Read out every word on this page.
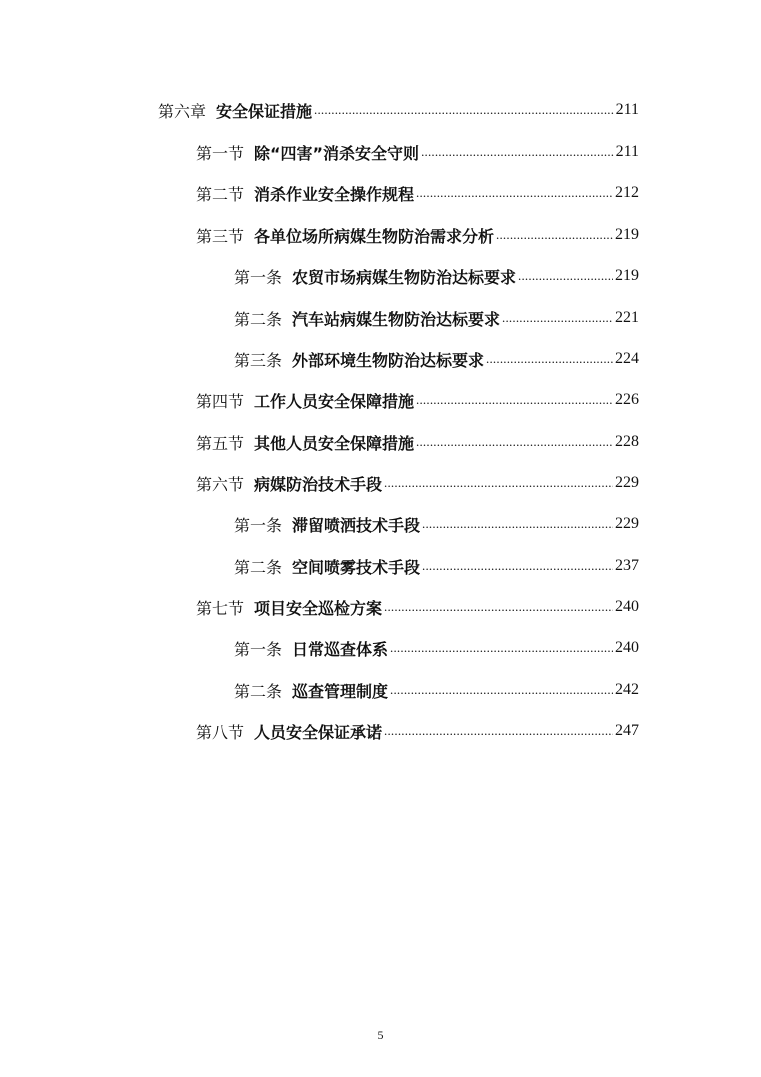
第六章 安全保证措施 .....	211
第一节 除“四害”消杀安全守则 .....	211
第二节 消杀作业安全操作规程 .....	212
第三节 各单位场所病媒生物防治需求分析 .....	219
第一条 农贸市场病媒生物防治达标要求 .....	219
第二条 汽车站病媒生物防治达标要求 .....	221
第三条 外部环境生物防治达标要求 .....	224
第四节 工作人员安全保障措施 .....	226
第五节 其他人员安全保障措施 .....	228
第六节 病媒防治技术手段 .....	229
第一条 滞留喷洒技术手段 .....	229
第二条 空间喷雾技术手段 .....	237
第七节 项目安全巡检方案 .....	240
第一条 日常巡查体系 .....	240
第二条 巡查管理制度 .....	242
第八节 人员安全保证承诺 .....	247
5
